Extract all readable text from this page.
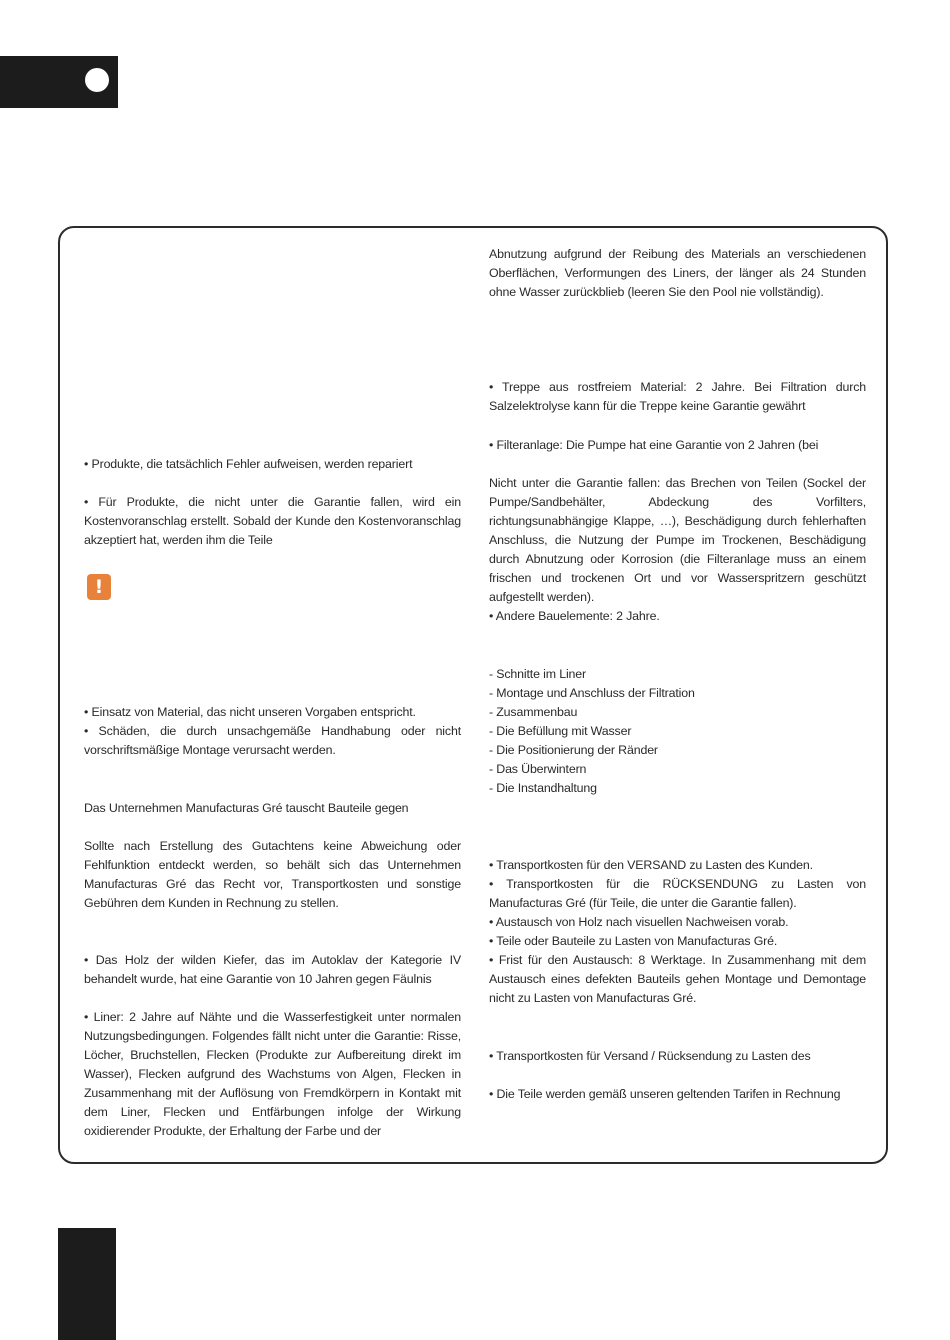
• Produkte, die tatsächlich Fehler aufweisen, werden repariert

• Für Produkte, die nicht unter die Garantie fallen, wird ein Kostenvoranschlag erstellt. Sobald der Kunde den Kostenvoranschlag akzeptiert hat, werden ihm die Teile

!

• Einsatz von Material, das nicht unseren Vorgaben entspricht.

• Schäden, die durch unsachgemäße Handhabung oder nicht vorschriftsmäßige Montage verursacht werden.

Das Unternehmen Manufacturas Gré tauscht Bauteile gegen

Sollte nach Erstellung des Gutachtens keine Abweichung oder Fehlfunktion entdeckt werden, so behält sich das Unternehmen Manufacturas Gré das Recht vor, Transportkosten und sonstige Gebühren dem Kunden in Rechnung zu stellen.

• Das Holz der wilden Kiefer, das im Autoklav der Kategorie IV behandelt wurde, hat eine Garantie von 10 Jahren gegen Fäulnis

• Liner: 2 Jahre auf Nähte und die Wasserfestigkeit unter normalen Nutzungsbedingungen. Folgendes fällt nicht unter die Garantie: Risse, Löcher, Bruchstellen, Flecken (Produkte zur Aufbereitung direkt im Wasser), Flecken aufgrund des Wachstums von Algen, Flecken in Zusammenhang mit der Auflösung von Fremdkörpern in Kontakt mit dem Liner, Flecken und Entfärbungen infolge der Wirkung oxidierender Produkte, der Erhaltung der Farbe und der

Abnutzung aufgrund der Reibung des Materials an verschiedenen Oberflächen, Verformungen des Liners, der länger als 24 Stunden ohne Wasser zurückblieb (leeren Sie den Pool nie vollständig).

• Treppe aus rostfreiem Material: 2 Jahre. Bei Filtration durch Salzelektrolyse kann für die Treppe keine Garantie gewährt

• Filteranlage: Die Pumpe hat eine Garantie von 2 Jahren (bei

Nicht unter die Garantie fallen: das Brechen von Teilen (Sockel der Pumpe/Sandbehälter, Abdeckung des Vorfilters, richtungsunabhängige Klappe, …), Beschädigung durch fehlerhaften Anschluss, die Nutzung der Pumpe im Trockenen, Beschädigung durch Abnutzung oder Korrosion (die Filteranlage muss an einem frischen und trockenen Ort und vor Wasserspritzern geschützt aufgestellt werden).

• Andere Bauelemente: 2 Jahre.

- Schnitte im Liner
- Montage und Anschluss der Filtration
- Zusammenbau
- Die Befüllung mit Wasser
- Die Positionierung der Ränder
- Das Überwintern
- Die Instandhaltung

• Transportkosten für den VERSAND zu Lasten des Kunden.

• Transportkosten für die RÜCKSENDUNG zu Lasten von Manufacturas Gré (für Teile, die unter die Garantie fallen).

• Austausch von Holz nach visuellen Nachweisen vorab.

• Teile oder Bauteile zu Lasten von Manufacturas Gré.

• Frist für den Austausch: 8 Werktage. In Zusammenhang mit dem Austausch eines defekten Bauteils gehen Montage und Demontage nicht zu Lasten von Manufacturas Gré.

• Transportkosten für Versand / Rücksendung zu Lasten des

• Die Teile werden gemäß unseren geltenden Tarifen in Rechnung
